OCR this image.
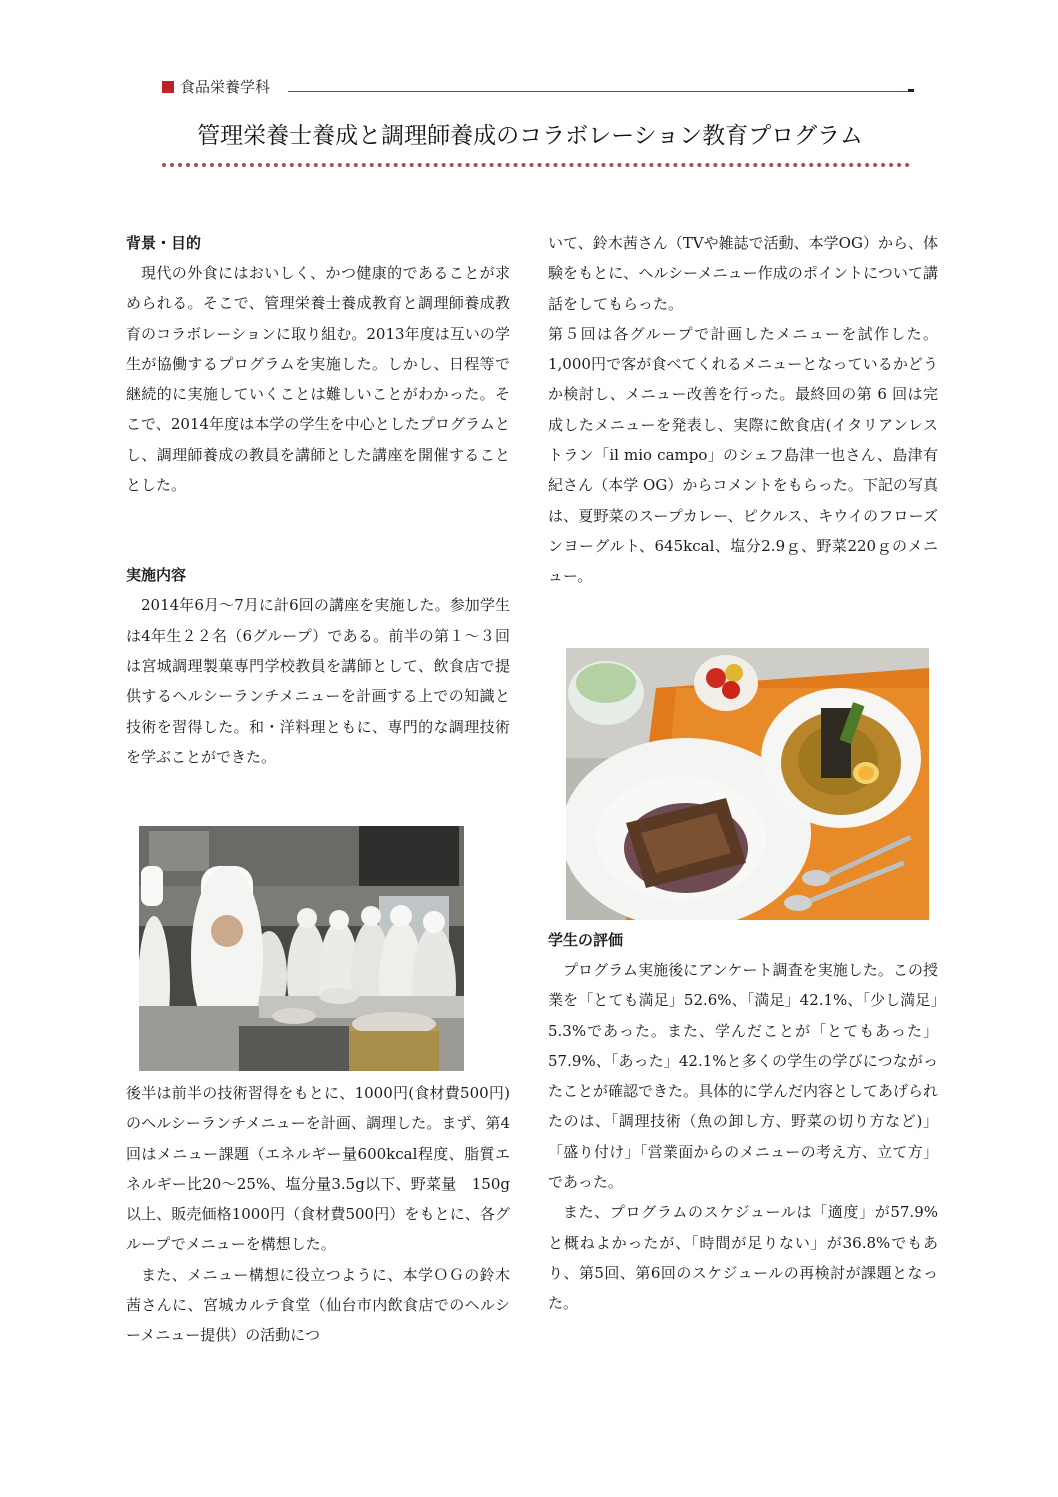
食品栄養学科
管理栄養士養成と調理師養成のコラボレーション教育プログラム
背景・目的

現代の外食にはおいしく、かつ健康的であることが求められる。そこで、管理栄養士養成教育と調理師養成教育のコラボレーションに取り組む。2013年度は互いの学生が協働するプログラムを実施した。しかし、日程等で継続的に実施していくことは難しいことがわかった。そこで、2014年度は本学の学生を中心としたプログラムとし、調理師養成の教員を講師とした講座を開催することとした。

実施内容

2014年6月～7月に計6回の講座を実施した。参加学生は4年生２２名（6グループ）である。前半の第１～３回は宮城調理製菓専門学校教員を講師として、飲食店で提供するヘルシーランチメニューを計画する上での知識と技術を習得した。和・洋料理ともに、専門的な調理技術を学ぶことができた。

後半は前半の技術習得をもとに、1000円(食材費500円)のヘルシーランチメニューを計画、調理した。まず、第4回はメニュー課題（エネルギー量600kcal程度、脂質エネルギー比20～25%、塩分量3.5g以下、野菜量　150g以上、販売価格1000円（食材費500円）をもとに、各グループでメニューを構想した。

また、メニュー構想に役立つように、本学ＯＧの鈴木茜さんに、宮城カルテ食堂（仙台市内飲食店でのヘルシーメニュー提供）の活動につ

いて、鈴木茜さん（TVや雑誌で活動、本学OG）から、体験をもとに、ヘルシーメニュー作成のポイントについて講話をしてもらった。

第５回は各グループで計画したメニューを試作した。1,000円で客が食べてくれるメニューとなっているかどうか検討し、メニュー改善を行った。最終回の第 6 回は完成したメニューを発表し、実際に飲食店(イタリアンレストラン「il mio campo」のシェフ島津一也さん、島津有紀さん（本学 OG）からコメントをもらった。下記の写真は、夏野菜のスープカレー、ピクルス、キウイのフローズンヨーグルト、645kcal、塩分2.9ｇ、野菜220ｇのメニュー。

学生の評価

プログラム実施後にアンケート調査を実施した。この授業を「とても満足」52.6%、「満足」42.1%、「少し満足」5.3%であった。また、学んだことが「とてもあった」57.9%、「あった」42.1%と多くの学生の学びにつながったことが確認できた。具体的に学んだ内容としてあげられたのは、「調理技術（魚の卸し方、野菜の切り方など)」「盛り付け」「営業面からのメニューの考え方、立て方」であった。

また、プログラムのスケジュールは「適度」が57.9%と概ねよかったが、「時間が足りない」が36.8%でもあり、第5回、第6回のスケジュールの再検討が課題となった。
